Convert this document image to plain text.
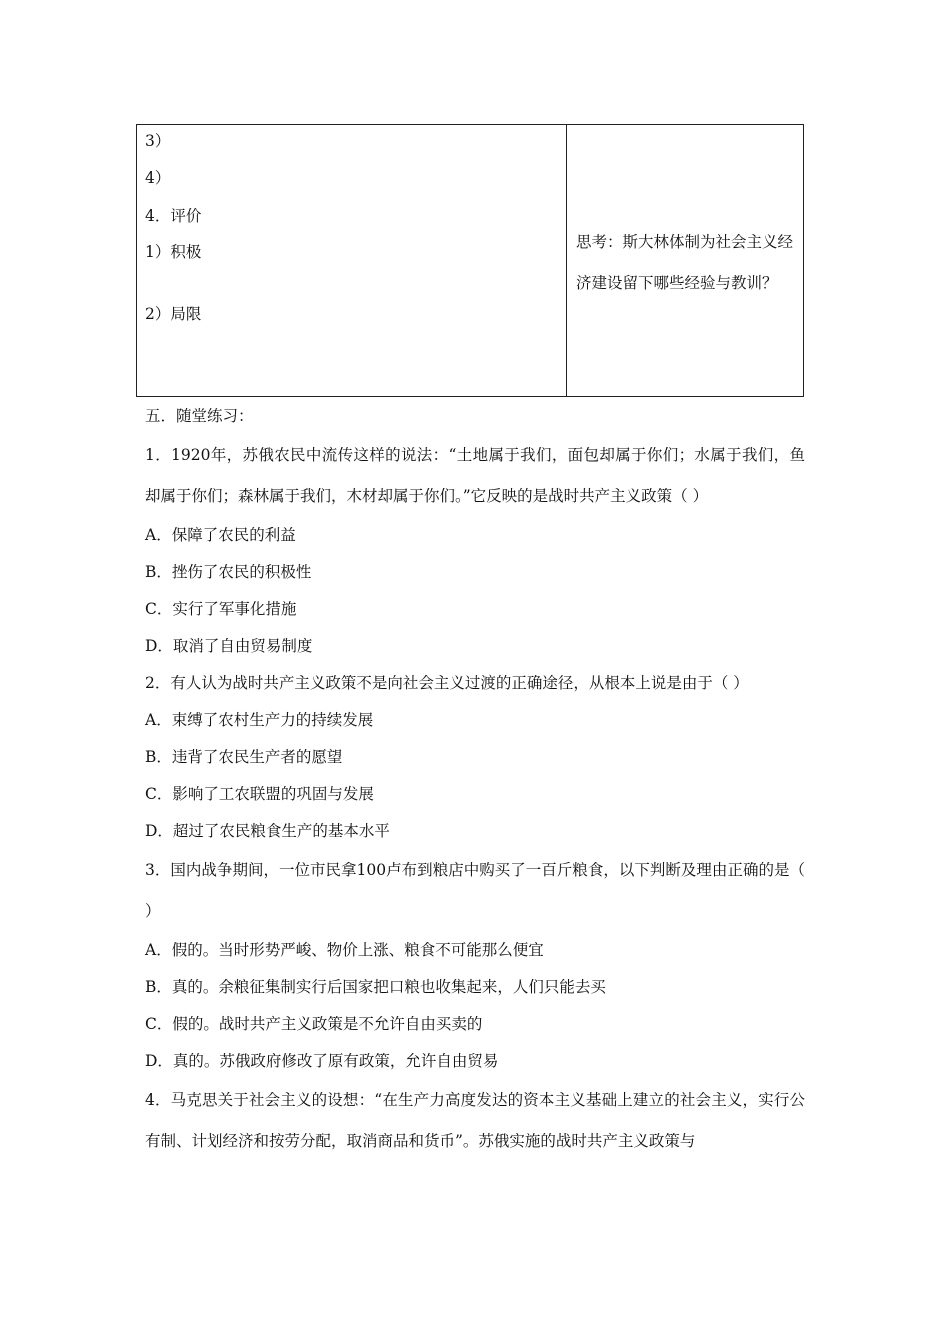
3）
4）
4．评价
1）积极
2）局限
思考：斯大林体制为社会主义经济建设留下哪些经验与教训？

五．随堂练习：

1．1920年，苏俄农民中流传这样的说法：“土地属于我们，面包却属于你们；水属于我们，鱼却属于你们；森林属于我们，木材却属于你们。”它反映的是战时共产主义政策（ ）

A．保障了农民的利益

B．挫伤了农民的积极性

C．实行了军事化措施

D．取消了自由贸易制度

2．有人认为战时共产主义政策不是向社会主义过渡的正确途径，从根本上说是由于（ ）

A．束缚了农村生产力的持续发展

B．违背了农民生产者的愿望

C．影响了工农联盟的巩固与发展

D．超过了农民粮食生产的基本水平

3．国内战争期间，一位市民拿100卢布到粮店中购买了一百斤粮食，以下判断及理由正确的是（ ）

A．假的。当时形势严峻、物价上涨、粮食不可能那么便宜

B．真的。余粮征集制实行后国家把口粮也收集起来，人们只能去买

C．假的。战时共产主义政策是不允许自由买卖的

D．真的。苏俄政府修改了原有政策，允许自由贸易

4．马克思关于社会主义的设想：“在生产力高度发达的资本主义基础上建立的社会主义，实行公有制、计划经济和按劳分配，取消商品和货币”。苏俄实施的战时共产主义政策与
